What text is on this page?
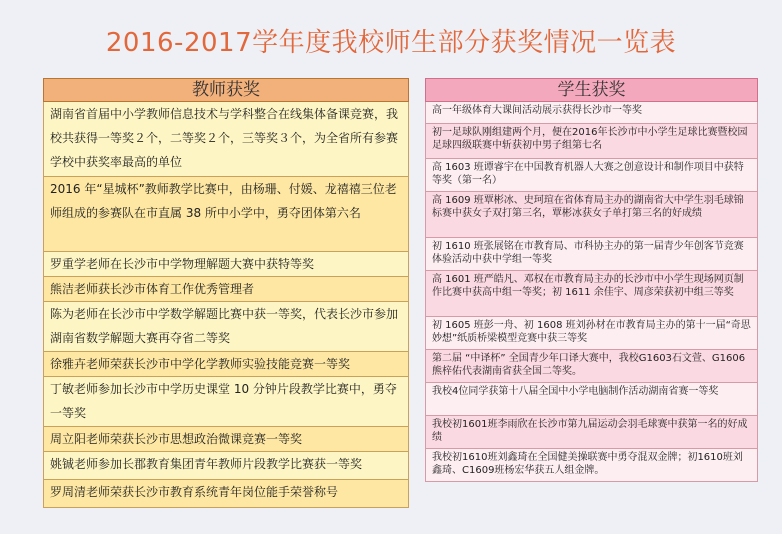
2016-2017学年度我校师生部分获奖情况一览表
教师获奖
湖南省首届中小学教师信息技术与学科整合在线集体备课竞赛，我校共获得一等奖２个，二等奖２个，三等奖３个，为全省所有参赛学校中获奖率最高的单位
2016 年“星城杯”教师教学比赛中，由杨珊、付媛、龙禧禧三位老师组成的参赛队在市直属 38 所中小学中，勇夺团体第六名
罗重学老师在长沙市中学物理解题大赛中获特等奖
熊洁老师获长沙市体育工作优秀管理者
陈为老师在长沙市中学数学解题比赛中获一等奖，代表长沙市参加湖南省数学解题大赛再夺省二等奖
徐雅卉老师荣获长沙市中学化学教师实验技能竞赛一等奖
丁敏老师参加长沙市中学历史课堂 10 分钟片段教学比赛中，勇夺一等奖
周立阳老师荣获长沙市思想政治微课竞赛一等奖
姚铖老师参加长郡教育集团青年教师片段教学比赛获一等奖
罗周清老师荣获长沙市教育系统青年岗位能手荣誉称号
学生获奖
高一年级体育大课间活动展示获得长沙市一等奖
初一足球队刚组建两个月，便在2016年长沙市中小学生足球比赛暨校园足球四级联赛中斩获初中男子组第七名
高 1603 班谭睿宇在中国教育机器人大赛之创意设计和制作项目中获特等奖（第一名）
高 1609 班覃彬冰、史珂瑄在省体育局主办的湖南省大中学生羽毛球锦标赛中获女子双打第三名，覃彬冰获女子单打第三名的好成绩
初 1610 班张展铭在市教育局、市科协主办的第一届青少年创客节竞赛体验活动中获中学组一等奖
高 1601 班严皓凡、邓权在市教育局主办的长沙市中小学生现场网页制作比赛中获高中组一等奖；初 1611 余佳宇、周彦荣获初中组三等奖
初 1605 班彭一舟、初 1608 班刘孙材在市教育局主办的第十一届“奇思妙想”纸质桥梁模型竞赛中获三等奖
第二届 “中译杯” 全国青少年口译大赛中，我校G1603石文萱、G1606熊梓佑代表湖南省获全国二等奖。
我校4位同学获第十八届全国中小学电脑制作活动湖南省赛一等奖
我校初1601班李雨欣在长沙市第九届运动会羽毛球赛中获第一名的好成绩
我校初1610班刘鑫琦在全国健美操联赛中勇夺混双金牌；初1610班刘鑫琦、C1609班杨宏华获五人组金牌。
